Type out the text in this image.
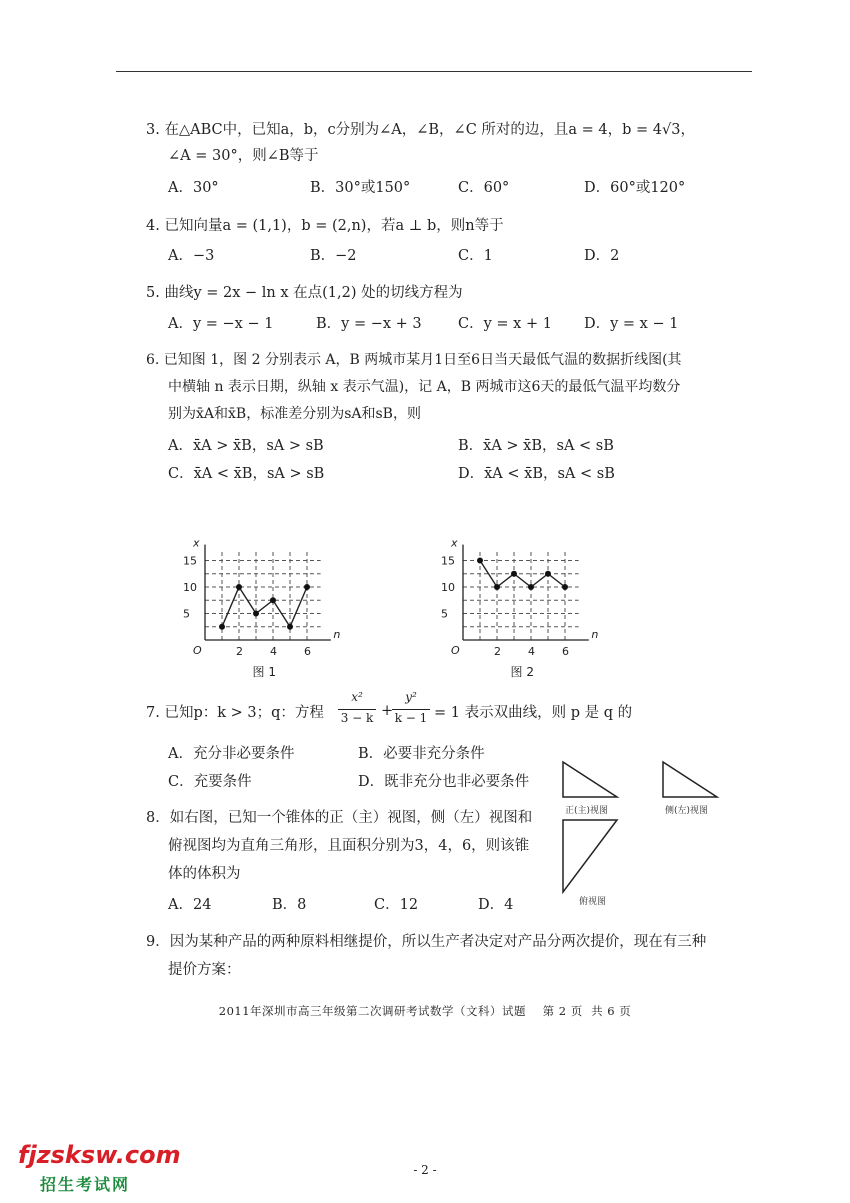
3. 在△ABC中，已知a，b，c分别为∠A，∠B，∠C 所对的边，且a = 4，b = 4√3，
∠A = 30°，则∠B等于
A．30°	B．30°或150°	C．60°	D．60°或120°
4. 已知向量a = (1,1)，b = (2,n)，若a ⊥ b，则n等于
A．−3	B．−2	C．1	D．2
5. 曲线y = 2x − ln x 在点(1,2) 处的切线方程为
A．y = −x − 1	B．y = −x + 3	C．y = x + 1 D．y = x − 1
6. 已知图 1，图 2 分别表示 A，B 两城市某月1日至6日当天最低气温的数据折线图(其
中横轴 n 表示日期，纵轴 x 表示气温)，记 A，B 两城市这6天的最低气温平均数分
别为x̄A和x̄B，标准差分别为sA和sB，则
A．x̄A > x̄B，sA > sB	B．x̄A > x̄B，sA < sB
C．x̄A < x̄B，sA > sB	D．x̄A < x̄B，sA < sB
n
x
O	2 4 6
5
10
15
图 1
n
x
O	2 4 6
5
10
15
图 2
7. 已知p：k > 3；q：方程
x²
3 − k +
y²
k − 1 = 1 表示双曲线，则 p 是 q 的
A．充分非必要条件	B．必要非充分条件
C．充要条件	D．既非充分也非必要条件
8．如右图，已知一个锥体的正（主）视图，侧（左）视图和
俯视图均为直角三角形，且面积分别为3，4，6，则该锥
体的体积为
A．24	B．8	C．12	D．4
正(主)视图	侧(左)视图
俯视图
9．因为某种产品的两种原料相继提价，所以生产者决定对产品分两次提价，现在有三种
提价方案：
2011年深圳市高三年级第二次调研考试数学（文科）试题    第 2 页  共 6 页
- 2 -
fjzsksw.com
招生考试网
